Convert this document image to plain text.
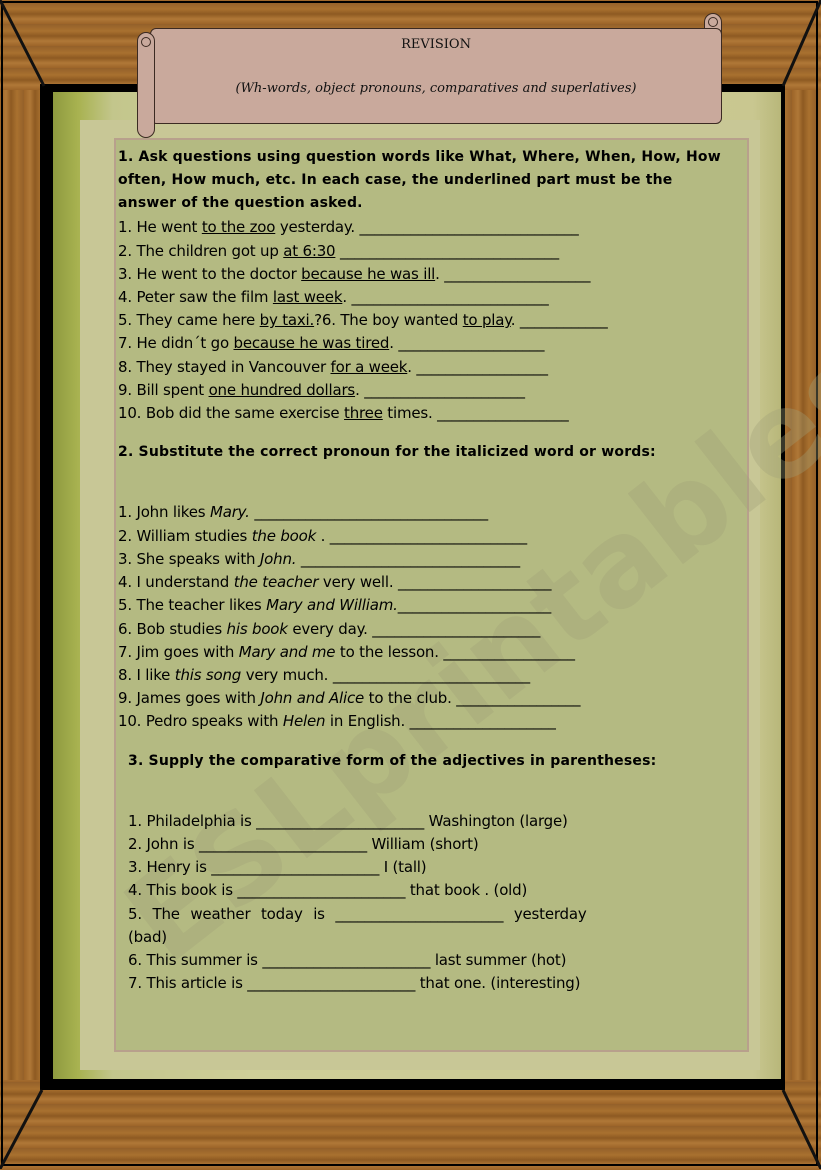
REVISION
(Wh-words, object pronouns, comparatives and superlatives)
1. Ask questions using question words like What, Where, When, How, How
often, How much, etc. In each case, the underlined part must be the
answer of the question asked.
1. He went to the zoo yesterday. ______________________________
2. The children got up at 6:30 ______________________________
3. He went to the doctor because he was ill. ____________________
4. Peter saw the film last week. ___________________________
5. They came here by taxi.?6. The boy wanted to play. ____________
7. He didn´t go because he was tired. ____________________
8. They stayed in Vancouver for a week. __________________
9. Bill spent one hundred dollars. ______________________
10. Bob did the same exercise three times. __________________
2. Substitute the correct pronoun for the italicized word or words:
1. John likes Mary. ________________________________
2. William studies the book . ___________________________
3. She speaks with John. ______________________________
4. I understand the teacher very well. _____________________
5. The teacher likes Mary and William._____________________
6. Bob studies his book every day. _______________________
7. Jim goes with Mary and me to the lesson. __________________
8. I like this song very much. ___________________________
9. James goes with John and Alice to the club. _________________
10. Pedro speaks with Helen in English. ____________________
3. Supply the comparative form of the adjectives in parentheses:
1. Philadelphia is _______________________ Washington (large)
2. John is _______________________ William (short)
3. Henry is _______________________ I (tall)
4. This book is _______________________ that book . (old)
5. The weather today is _______________________ yesterday
(bad)
6. This summer is _______________________ last summer (hot)
7. This article is _______________________ that one. (interesting)
